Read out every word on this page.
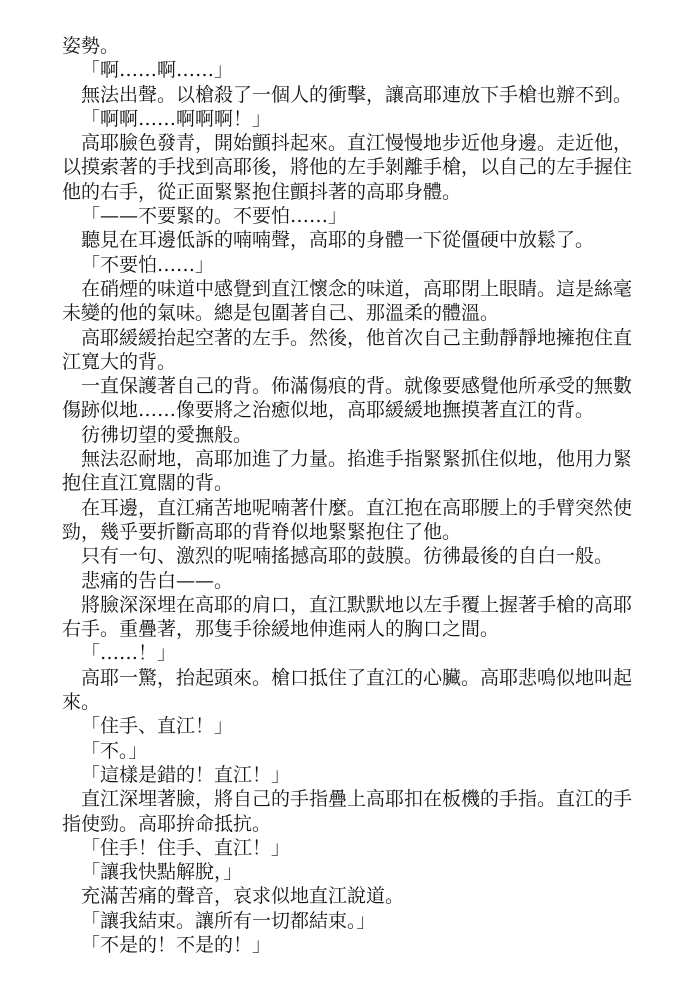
姿勢。

「啊……啊……」

無法出聲。以槍殺了一個人的衝擊，讓高耶連放下手槍也辦不到。

「啊啊……啊啊啊！」

高耶臉色發青，開始顫抖起來。直江慢慢地步近他身邊。走近他，以摸索著的手找到高耶後，將他的左手剝離手槍，以自己的左手握住他的右手，從正面緊緊抱住顫抖著的高耶身體。

「——不要緊的。不要怕……」

聽見在耳邊低訴的喃喃聲，高耶的身體一下從僵硬中放鬆了。

「不要怕……」

在硝煙的味道中感覺到直江懷念的味道，高耶閉上眼睛。這是絲毫未變的他的氣味。總是包圍著自己、那溫柔的體溫。

高耶緩緩抬起空著的左手。然後，他首次自己主動靜靜地擁抱住直江寬大的背。

一直保護著自己的背。佈滿傷痕的背。就像要感覺他所承受的無數傷跡似地……像要將之治癒似地，高耶緩緩地撫摸著直江的背。

彷彿切望的愛撫般。

無法忍耐地，高耶加進了力量。掐進手指緊緊抓住似地，他用力緊抱住直江寬闊的背。

在耳邊，直江痛苦地呢喃著什麼。直江抱在高耶腰上的手臂突然使勁，幾乎要折斷高耶的背脊似地緊緊抱住了他。

只有一句、激烈的呢喃搖撼高耶的鼓膜。彷彿最後的自白一般。

悲痛的告白——。

將臉深深埋在高耶的肩口，直江默默地以左手覆上握著手槍的高耶右手。重疊著，那隻手徐緩地伸進兩人的胸口之間。

「……！」

高耶一驚，抬起頭來。槍口抵住了直江的心臟。高耶悲鳴似地叫起來。

「住手、直江！」

「不。」

「這樣是錯的！直江！」

直江深埋著臉，將自己的手指疊上高耶扣在板機的手指。直江的手指使勁。高耶拚命抵抗。

「住手！住手、直江！」

「讓我快點解脫，」

充滿苦痛的聲音，哀求似地直江說道。

「讓我結束。讓所有一切都結束。」

「不是的！不是的！」
